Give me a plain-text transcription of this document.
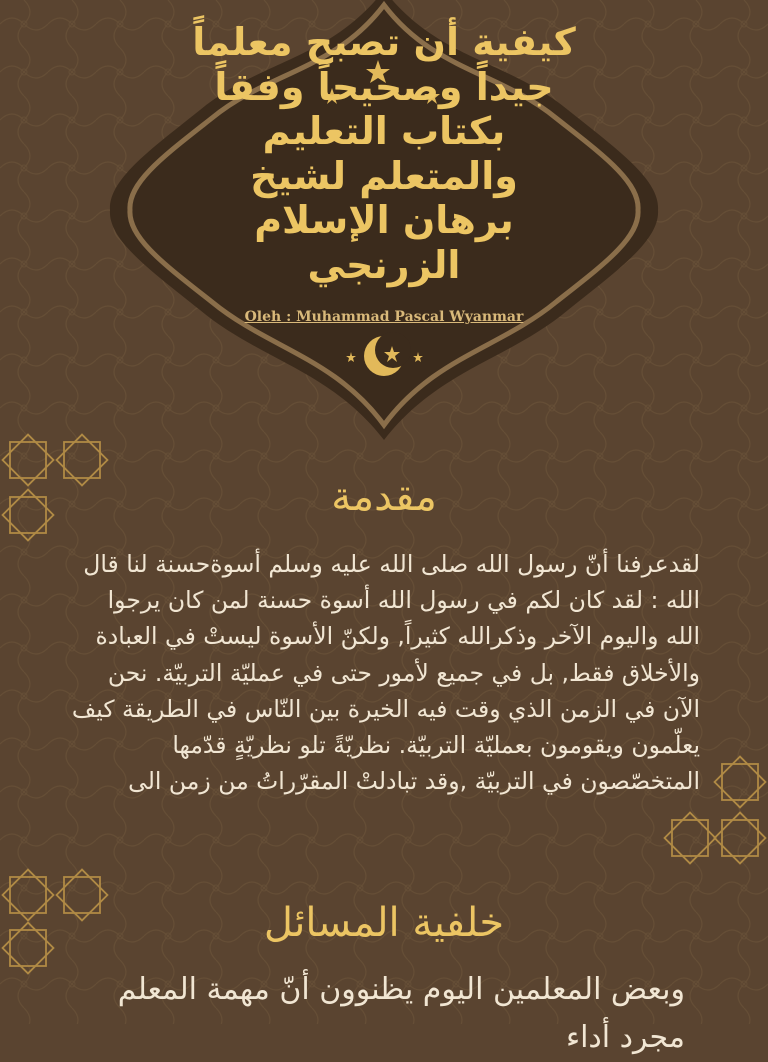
كيفية أن تصبح معلماً جيداً وصحيحاً وفقاً بكتاب التعليم والمتعلم لشيخ برهان الإسلام الزرنجي
Oleh : Muhammad Pascal Wyanmar
مقدمة
لقدعرفنا أنّ رسول الله صلى الله عليه وسلم أسوةحسنة لنا قال الله : لقد كان لكم في رسول الله أسوة حسنة لمن كان يرجوا الله واليوم الآخر وذكرالله كثيراً, ولكنّ الأسوة ليستْ في العبادة والأخلاق فقط, بل في جميع لأمور حتى في عمليّة التربيّة. نحن الآن في الزمن الذي وقت فيه الخيرة بين النّاس في الطريقة كيف يعلّمون ويقومون بعمليّة التربيّة. نظريّةً تلو نظريّةٍ قدّمها المتخصّصون في التربيّة ,وقد تبادلتْ المقرّراتُ من زمن الى
خلفية المسائل
وبعض المعلمين اليوم يظنوون أنّ مهمة المعلم مجرد أداء
